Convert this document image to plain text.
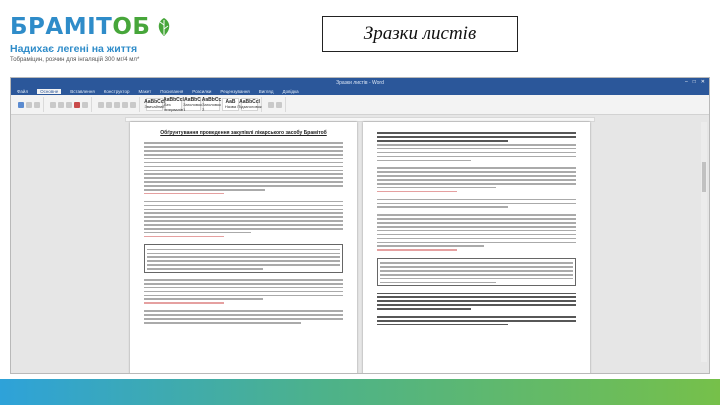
БРАМІТОБ
Надихає легені на життя
Тобраміцин, розчин для інгаляцій 300 мг/4 мл*
Зразки листів
Зразки листів - Word	– □ ✕
Файл	Основне	Вставлення Конструктор Макет Посилання Розсилки Рецензування Вигляд Довідка
AaBbCcI
Звичайний
AaBbCcI
Без інтервалів
AaBbC
Заголовок 1
AaBbCc
Заголовок 2
AaB
Назва
AaBbCcI
Підзаголовок
Обґрунтування проведення закупівлі лікарського засобу Брамітоб
